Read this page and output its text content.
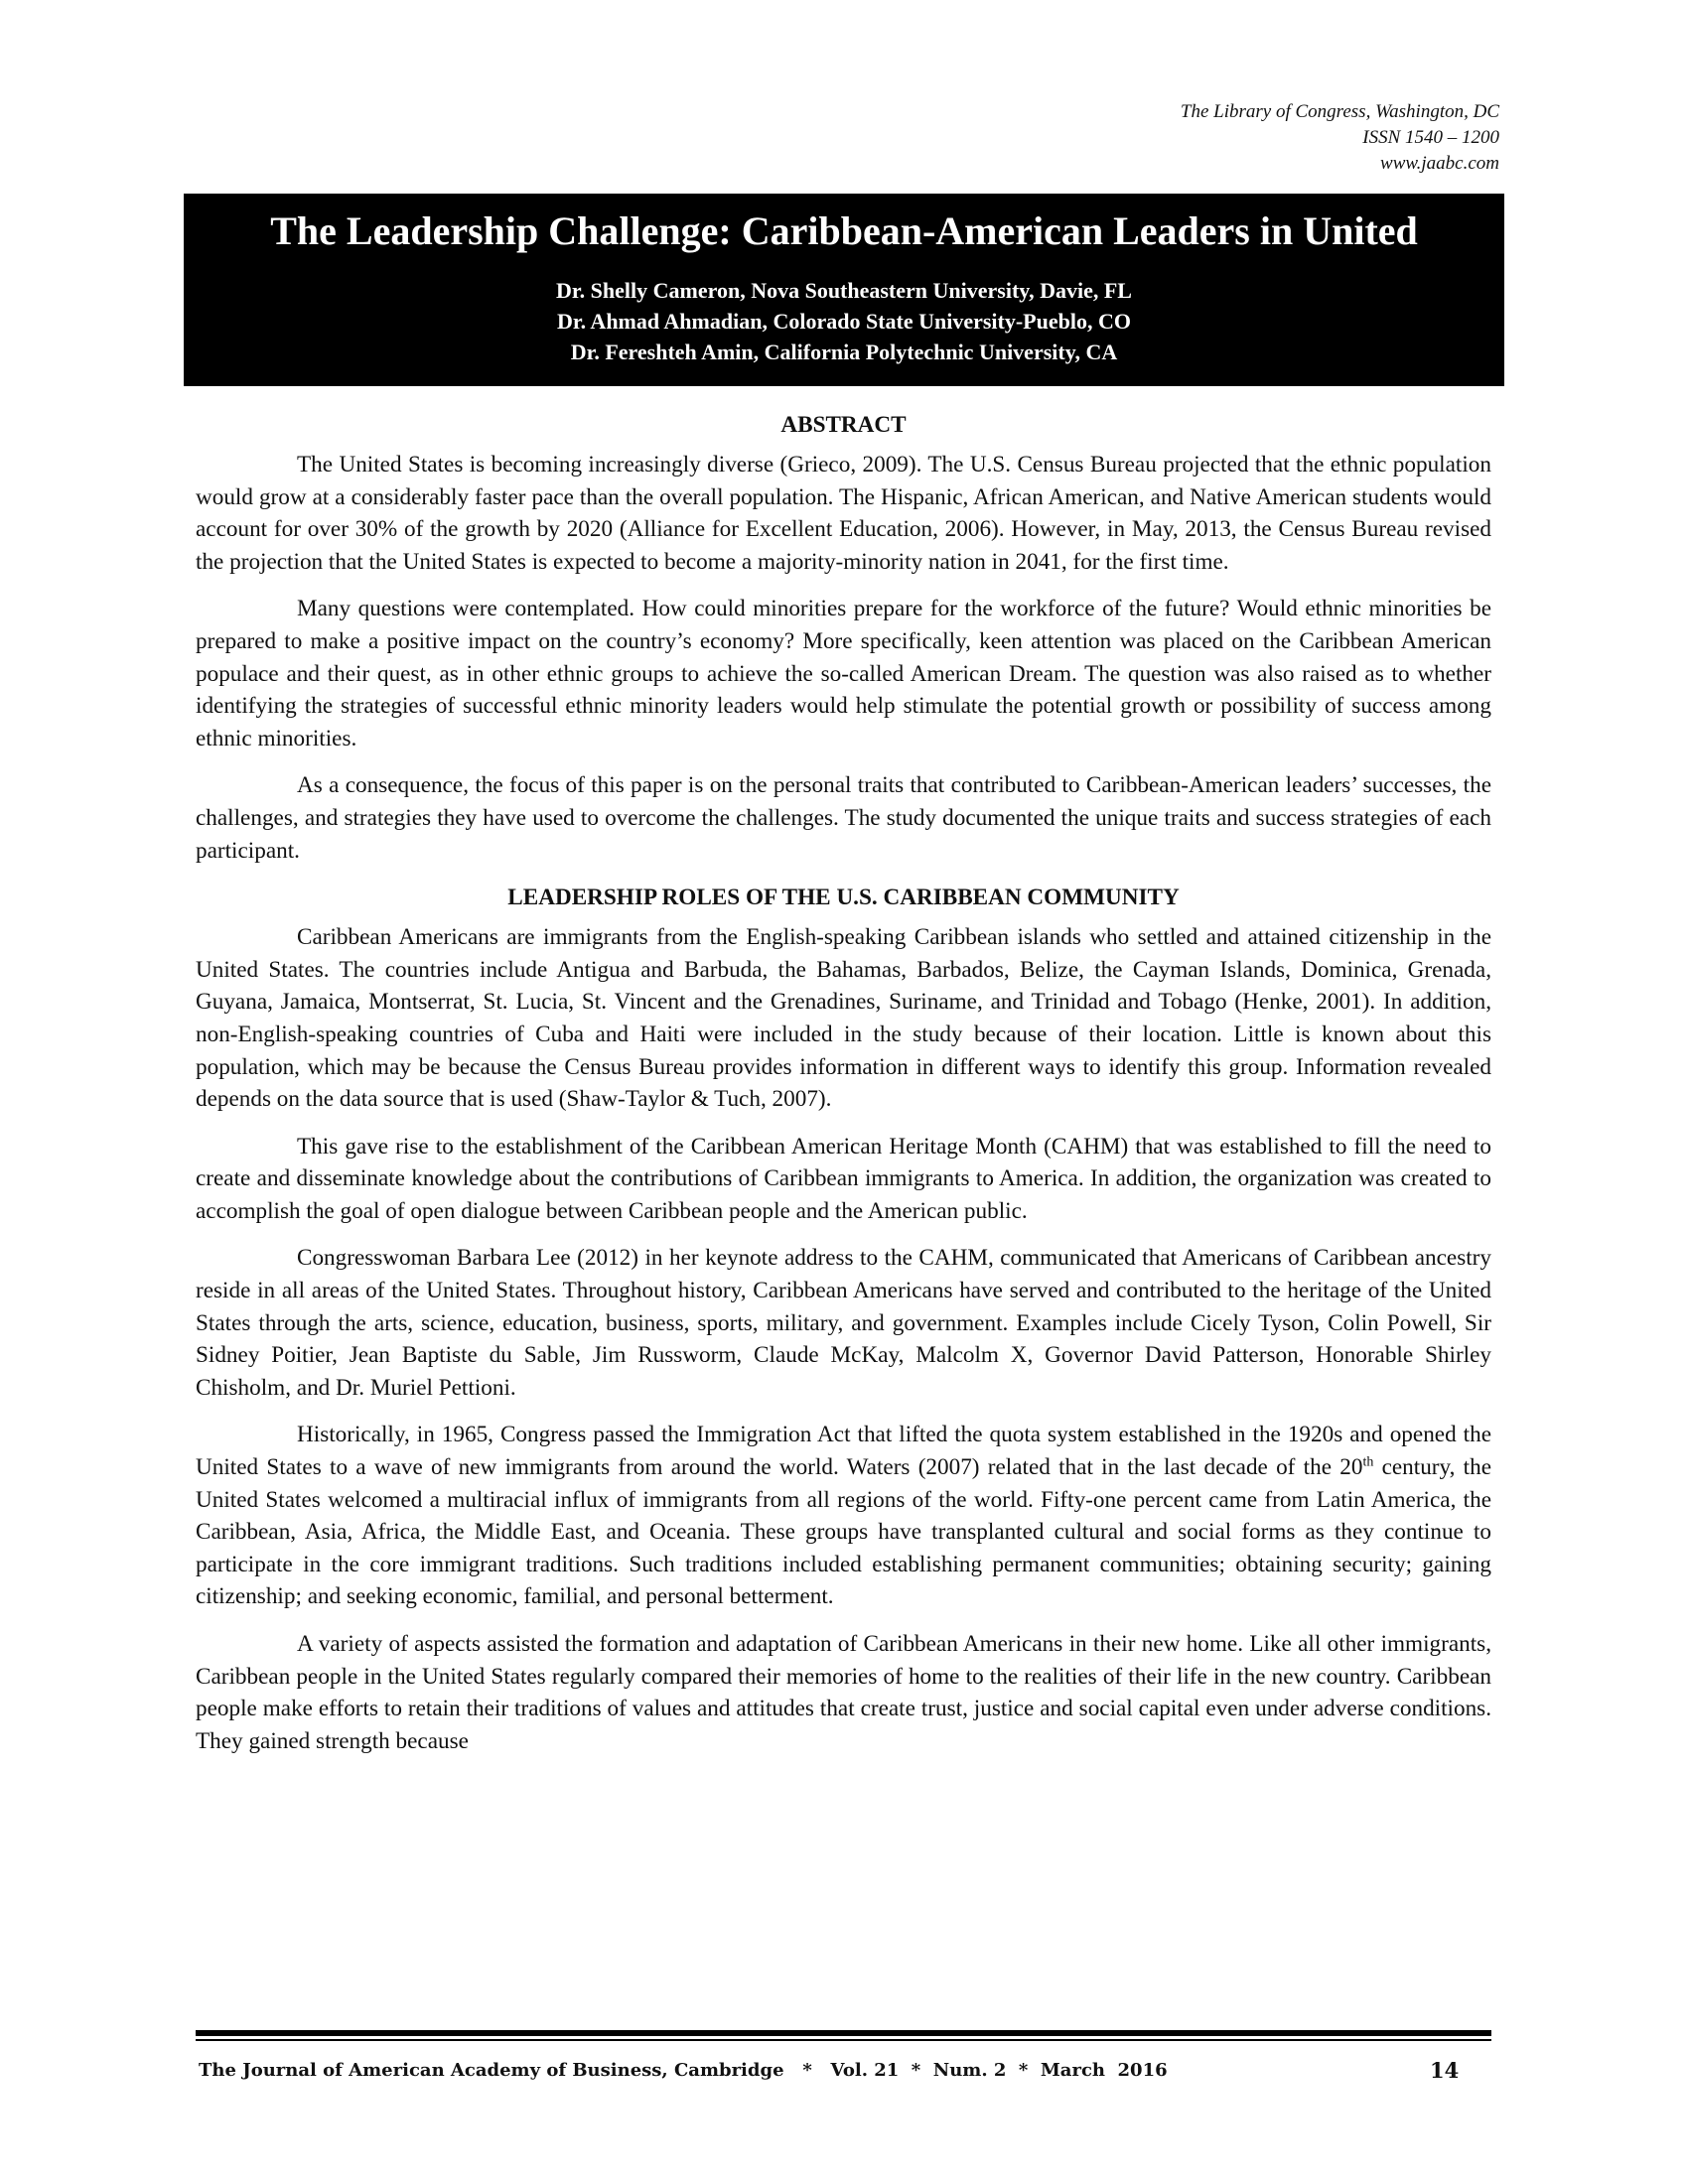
The Library of Congress, Washington, DC
ISSN 1540 – 1200
www.jaabc.com
The Leadership Challenge: Caribbean-American Leaders in United
Dr. Shelly Cameron, Nova Southeastern University, Davie, FL
Dr. Ahmad Ahmadian, Colorado State University-Pueblo, CO
Dr. Fereshteh Amin, California Polytechnic University, CA
ABSTRACT

The United States is becoming increasingly diverse (Grieco, 2009). The U.S. Census Bureau projected that the ethnic population would grow at a considerably faster pace than the overall population. The Hispanic, African American, and Native American students would account for over 30% of the growth by 2020 (Alliance for Excellent Education, 2006). However, in May, 2013, the Census Bureau revised the projection that the United States is expected to become a majority-minority nation in 2041, for the first time.

Many questions were contemplated. How could minorities prepare for the workforce of the future? Would ethnic minorities be prepared to make a positive impact on the country’s economy? More specifically, keen attention was placed on the Caribbean American populace and their quest, as in other ethnic groups to achieve the so-called American Dream. The question was also raised as to whether identifying the strategies of successful ethnic minority leaders would help stimulate the potential growth or possibility of success among ethnic minorities.

As a consequence, the focus of this paper is on the personal traits that contributed to Caribbean-American leaders’ successes, the challenges, and strategies they have used to overcome the challenges. The study documented the unique traits and success strategies of each participant.

LEADERSHIP ROLES OF THE U.S. CARIBBEAN COMMUNITY

Caribbean Americans are immigrants from the English-speaking Caribbean islands who settled and attained citizenship in the United States. The countries include Antigua and Barbuda, the Bahamas, Barbados, Belize, the Cayman Islands, Dominica, Grenada, Guyana, Jamaica, Montserrat, St. Lucia, St. Vincent and the Grenadines, Suriname, and Trinidad and Tobago (Henke, 2001). In addition, non-English-speaking countries of Cuba and Haiti were included in the study because of their location. Little is known about this population, which may be because the Census Bureau provides information in different ways to identify this group. Information revealed depends on the data source that is used (Shaw-Taylor & Tuch, 2007).

This gave rise to the establishment of the Caribbean American Heritage Month (CAHM) that was established to fill the need to create and disseminate knowledge about the contributions of Caribbean immigrants to America. In addition, the organization was created to accomplish the goal of open dialogue between Caribbean people and the American public.

Congresswoman Barbara Lee (2012) in her keynote address to the CAHM, communicated that Americans of Caribbean ancestry reside in all areas of the United States. Throughout history, Caribbean Americans have served and contributed to the heritage of the United States through the arts, science, education, business, sports, military, and government. Examples include Cicely Tyson, Colin Powell, Sir Sidney Poitier, Jean Baptiste du Sable, Jim Russworm, Claude McKay, Malcolm X, Governor David Patterson, Honorable Shirley Chisholm, and Dr. Muriel Pettioni.

Historically, in 1965, Congress passed the Immigration Act that lifted the quota system established in the 1920s and opened the United States to a wave of new immigrants from around the world. Waters (2007) related that in the last decade of the 20th century, the United States welcomed a multiracial influx of immigrants from all regions of the world. Fifty-one percent came from Latin America, the Caribbean, Asia, Africa, the Middle East, and Oceania. These groups have transplanted cultural and social forms as they continue to participate in the core immigrant traditions. Such traditions included establishing permanent communities; obtaining security; gaining citizenship; and seeking economic, familial, and personal betterment.

A variety of aspects assisted the formation and adaptation of Caribbean Americans in their new home. Like all other immigrants, Caribbean people in the United States regularly compared their memories of home to the realities of their life in the new country. Caribbean people make efforts to retain their traditions of values and attitudes that create trust, justice and social capital even under adverse conditions. They gained strength because

The Journal of American Academy of Business, Cambridge   *   Vol. 21  *  Num. 2  *  March  2016	14
